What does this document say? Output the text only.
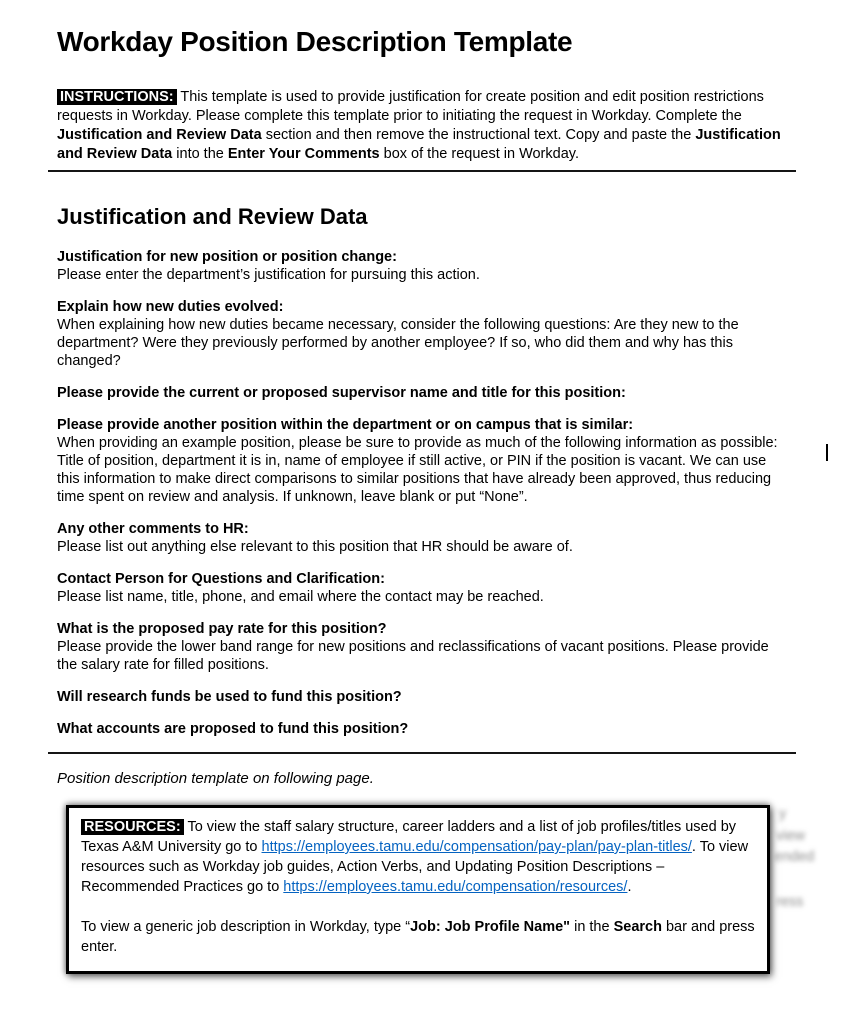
Workday Position Description Template

INSTRUCTIONS: This template is used to provide justification for create position and edit position restrictions requests in Workday. Please complete this template prior to initiating the request in Workday. Complete the Justification and Review Data section and then remove the instructional text. Copy and paste the Justification and Review Data into the Enter Your Comments box of the request in Workday.

Justification and Review Data

Justification for new position or position change:

Please enter the department’s justification for pursuing this action.

Explain how new duties evolved:

When explaining how new duties became necessary, consider the following questions: Are they new to the department? Were they previously performed by another employee? If so, who did them and why has this changed?

Please provide the current or proposed supervisor name and title for this position:

Please provide another position within the department or on campus that is similar:

When providing an example position, please be sure to provide as much of the following information as possible: Title of position, department it is in, name of employee if still active, or PIN if the position is vacant. We can use this information to make direct comparisons to similar positions that have already been approved, thus reducing time spent on review and analysis. If unknown, leave blank or put “None”.

Any other comments to HR:

Please list out anything else relevant to this position that HR should be aware of.

Contact Person for Questions and Clarification:

Please list name, title, phone, and email where the contact may be reached.

What is the proposed pay rate for this position?

Please provide the lower band range for new positions and reclassifications of vacant positions. Please provide the salary rate for filled positions.

Will research funds be used to fund this position?

What accounts are proposed to fund this position?

Position description template on following page.

RESOURCES: To view the staff salary structure, career ladders and a list of job profiles/titles used by Texas A&M University go to https://employees.tamu.edu/compensation/pay-plan/pay-plan-titles/. To view resources such as Workday job guides, Action Verbs, and Updating Position Descriptions – Recommended Practices go to https://employees.tamu.edu/compensation/resources/.

To view a generic job description in Workday, type “Job: Job Profile Name" in the Search bar and press enter.

y
view
ended
ress
